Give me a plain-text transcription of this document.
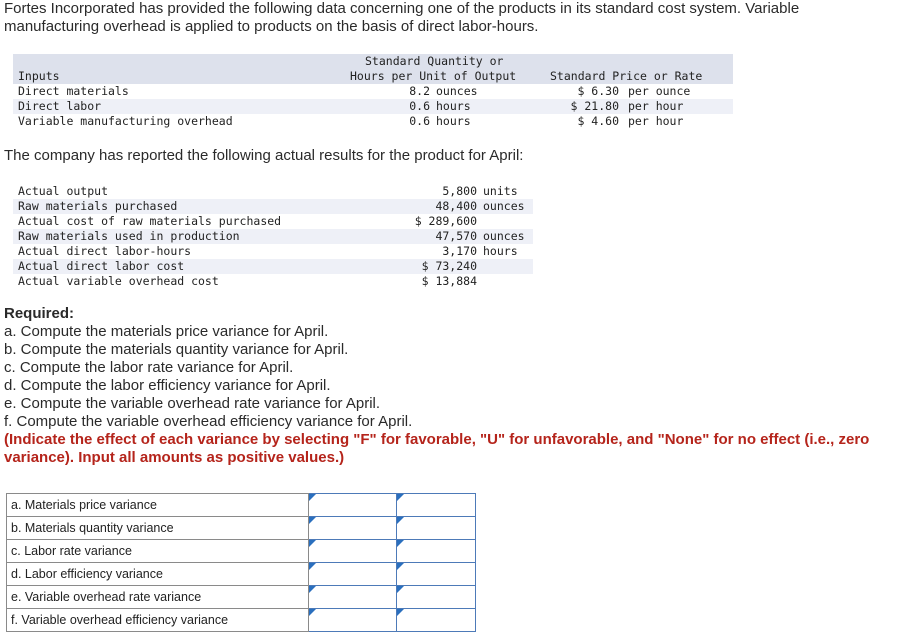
Fortes Incorporated has provided the following data concerning one of the products in its standard cost system. Variable manufacturing overhead is applied to products on the basis of direct labor-hours.

Inputs
Standard Quantity or
Hours per Unit of Output	Standard Price or Rate
Direct materials	8.2 ounces	$ 6.30 per ounce
Direct labor	0.6 hours	$ 21.80 per hour
Variable manufacturing overhead	0.6 hours	$ 4.60 per hour

The company has reported the following actual results for the product for April:

Actual output	5,800 units
Raw materials purchased	48,400 ounces
Actual cost of raw materials purchased	$ 289,600
Raw materials used in production	47,570 ounces
Actual direct labor-hours	3,170 hours
Actual direct labor cost	$ 73,240
Actual variable overhead cost	$ 13,884
Required:

a. Compute the materials price variance for April.

b. Compute the materials quantity variance for April.

c. Compute the labor rate variance for April.

d. Compute the labor efficiency variance for April.

e. Compute the variable overhead rate variance for April.

f. Compute the variable overhead efficiency variance for April.

(Indicate the effect of each variance by selecting "F" for favorable, "U" for unfavorable, and "None" for no effect (i.e., zero variance). Input all amounts as positive values.)

a. Materials price variance	

b. Materials quantity variance	

c. Labor rate variance	

d. Labor efficiency variance	

e. Variable overhead rate variance	

f. Variable overhead efficiency variance	
